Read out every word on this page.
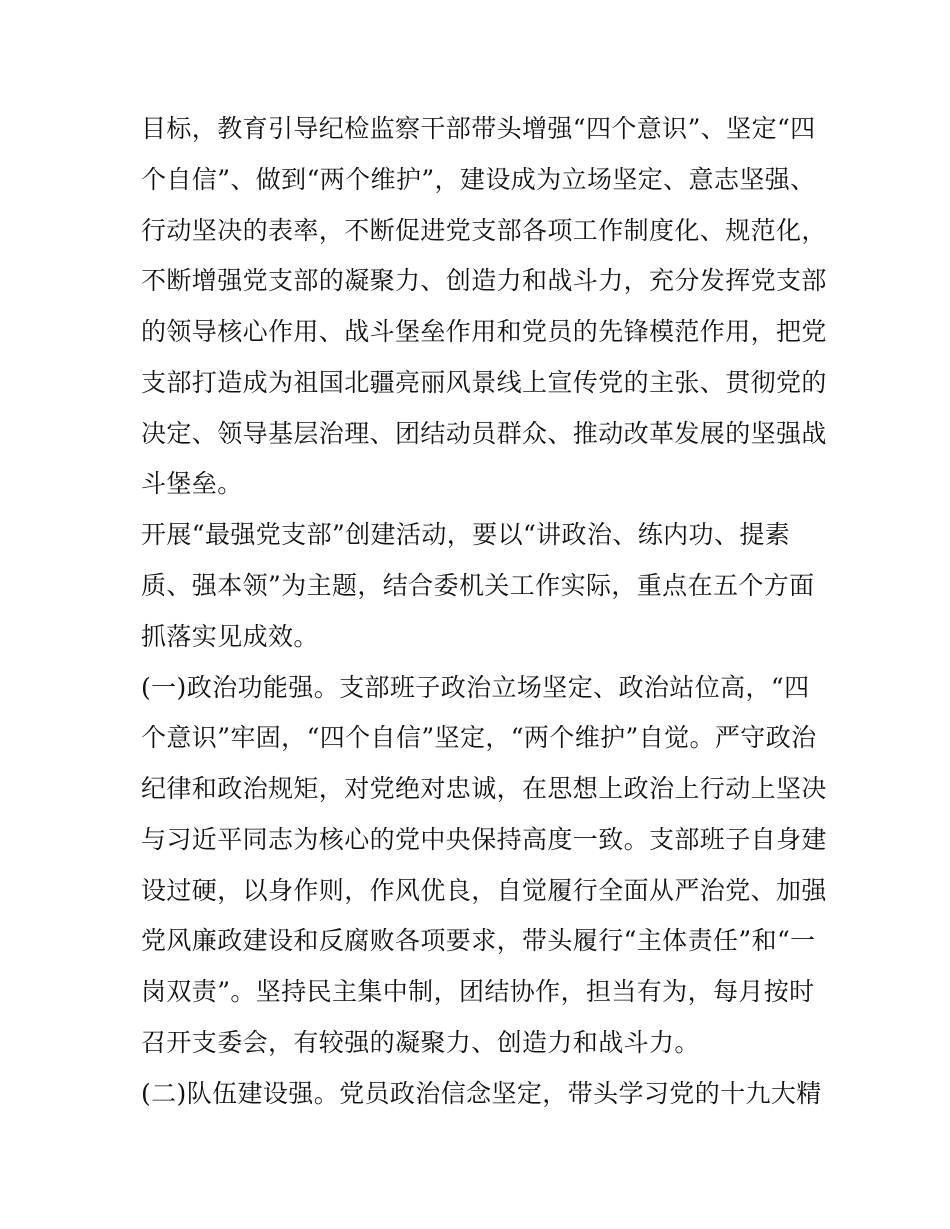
目标，教育引导纪检监察干部带头增强“四个意识”、坚定“四
个自信”、做到“两个维护”，建设成为立场坚定、意志坚强、
行动坚决的表率，不断促进党支部各项工作制度化、规范化，
不断增强党支部的凝聚力、创造力和战斗力，充分发挥党支部
的领导核心作用、战斗堡垒作用和党员的先锋模范作用，把党
支部打造成为祖国北疆亮丽风景线上宣传党的主张、贯彻党的
决定、领导基层治理、团结动员群众、推动改革发展的坚强战
斗堡垒。
开展“最强党支部”创建活动，要以“讲政治、练内功、提素
质、强本领”为主题，结合委机关工作实际，重点在五个方面
抓落实见成效。
(一)政治功能强。支部班子政治立场坚定、政治站位高，“四
个意识”牢固，“四个自信”坚定，“两个维护”自觉。严守政治
纪律和政治规矩，对党绝对忠诚，在思想上政治上行动上坚决
与习近平同志为核心的党中央保持高度一致。支部班子自身建
设过硬，以身作则，作风优良，自觉履行全面从严治党、加强
党风廉政建设和反腐败各项要求，带头履行“主体责任”和“一
岗双责”。坚持民主集中制，团结协作，担当有为，每月按时
召开支委会，有较强的凝聚力、创造力和战斗力。
(二)队伍建设强。党员政治信念坚定，带头学习党的十九大精
